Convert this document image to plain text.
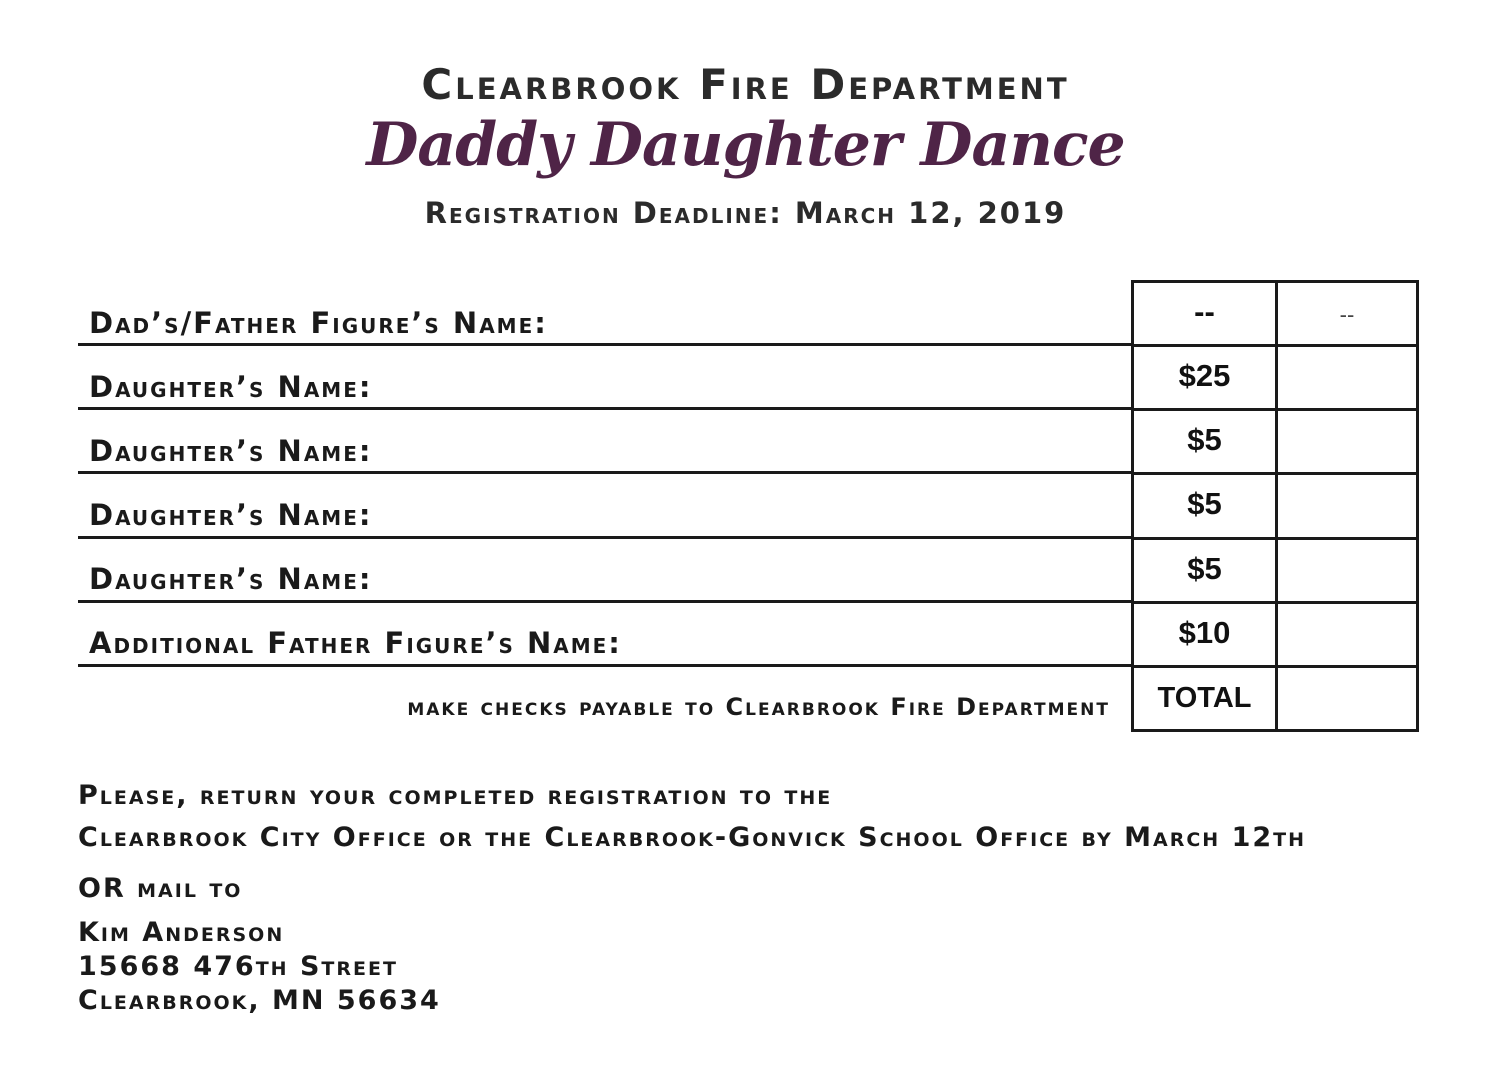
Clearbrook Fire Department
Daddy Daughter Dance
Registration Deadline: March 12, 2019
Dad’s/Father Figure’s Name:
Daughter’s Name:
Daughter’s Name:
Daughter’s Name:
Daughter’s Name:
Additional Father Figure’s Name:
--	--
$25
$5
$5
$5
$10
TOTAL
make checks payable to Clearbrook Fire Department
Please, return your completed registration to the
Clearbrook City Office or the Clearbrook-Gonvick School Office by March 12th
OR mail to
Kim Anderson
15668 476th Street
Clearbrook, MN 56634
